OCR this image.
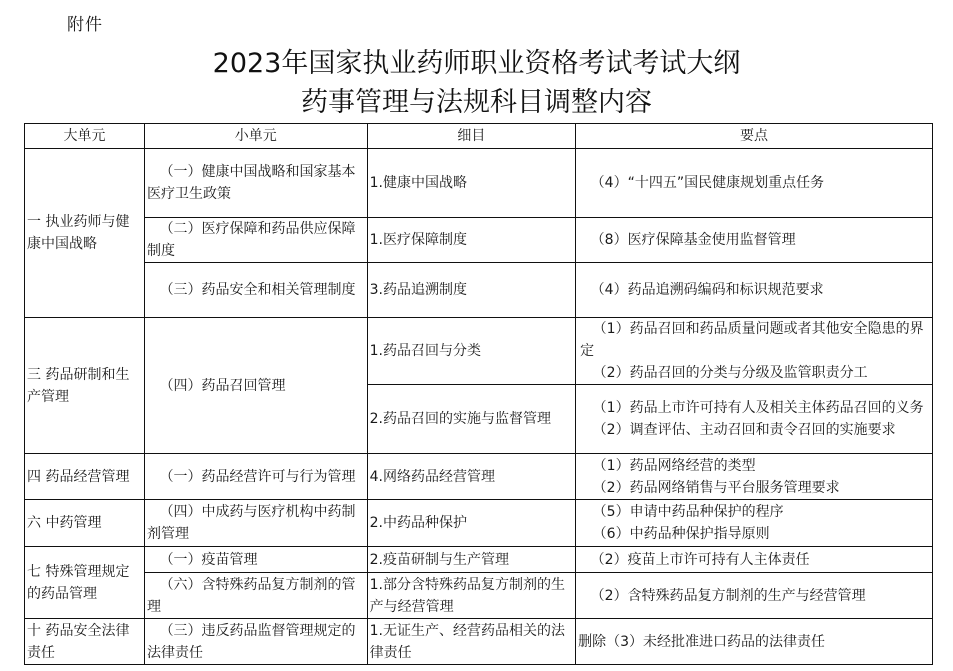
附件
2023年国家执业药师职业资格考试考试大纲
药事管理与法规科目调整内容
大单元	小单元	细目	要点
一 执业药师与健康中国战略	（一）健康中国战略和国家基本医疗卫生政策	1.健康中国战略	（4）“十四五”国民健康规划重点任务
	（二）医疗保障和药品供应保障制度	1.医疗保障制度	（8）医疗保障基金使用监督管理
	（三）药品安全和相关管理制度	3.药品追溯制度	（4）药品追溯码编码和标识规范要求
三 药品研制和生产管理	（四）药品召回管理	1.药品召回与分类	（1）药品召回和药品质量问题或者其他安全隐患的界定
（2）药品召回的分类与分级及监管职责分工

		2.药品召回的实施与监督管理	（1）药品上市许可持有人及相关主体药品召回的义务
（2）调查评估、主动召回和责令召回的实施要求

四 药品经营管理	（一）药品经营许可与行为管理	4.网络药品经营管理	（1）药品网络经营的类型
（2）药品网络销售与平台服务管理要求

六 中药管理	（四）中成药与医疗机构中药制剂管理	2.中药品种保护	（5）申请中药品种保护的程序
（6）中药品种保护指导原则

七 特殊管理规定的药品管理	（一）疫苗管理	2.疫苗研制与生产管理	（2）疫苗上市许可持有人主体责任
	（六）含特殊药品复方制剂的管理	1.部分含特殊药品复方制剂的生产与经营管理	（2）含特殊药品复方制剂的生产与经营管理
十 药品安全法律责任	（三）违反药品监督管理规定的法律责任	1.无证生产、经营药品相关的法律责任	删除（3）未经批准进口药品的法律责任
